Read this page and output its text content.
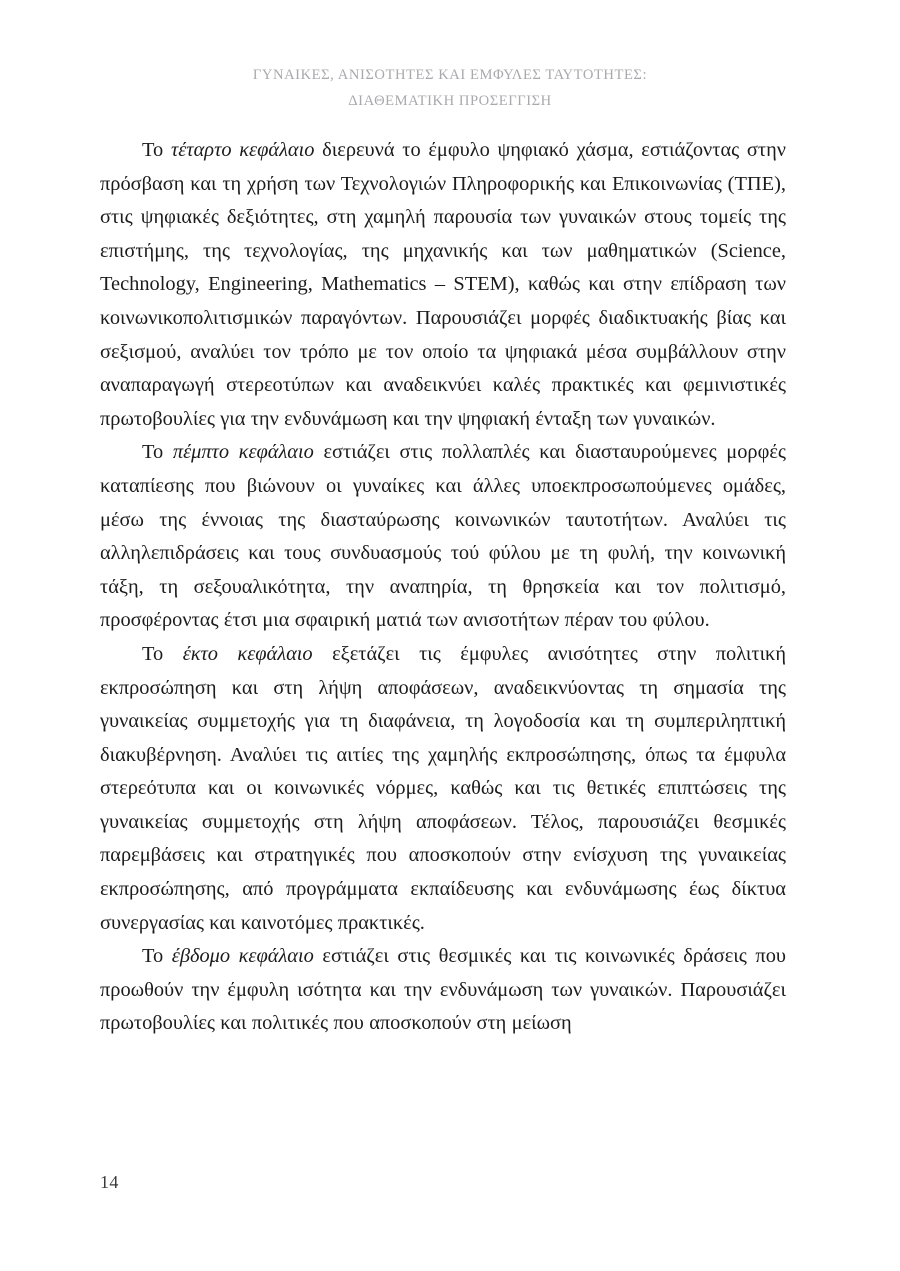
ΓΥΝΑΙΚΕΣ, ΑΝΙΣΟΤΗΤΕΣ ΚΑΙ ΕΜΦΥΛΕΣ ΤΑΥΤΟΤΗΤΕΣ:
ΔΙΑΘΕΜΑΤΙΚΗ ΠΡΟΣΕΓΓΙΣΗ

Το τέταρτο κεφάλαιο διερευνά το έμφυλο ψηφιακό χάσμα, εστιάζοντας στην πρόσβαση και τη χρήση των Τεχνολογιών Πληροφορικής και Επικοινωνίας (ΤΠΕ), στις ψηφιακές δεξιότητες, στη χαμηλή παρουσία των γυναικών στους τομείς της επιστήμης, της τεχνολογίας, της μηχανικής και των μαθηματικών (Science, Technology, Engineering, Mathematics – STEM), καθώς και στην επίδραση των κοινωνικοπολιτισμικών παραγόντων. Παρουσιάζει μορφές διαδικτυακής βίας και σεξισμού, αναλύει τον τρόπο με τον οποίο τα ψηφιακά μέσα συμβάλλουν στην αναπαραγωγή στερεοτύπων και αναδεικνύει καλές πρακτικές και φεμινιστικές πρωτοβουλίες για την ενδυνάμωση και την ψηφιακή ένταξη των γυναικών.

Το πέμπτο κεφάλαιο εστιάζει στις πολλαπλές και διασταυρούμενες μορφές καταπίεσης που βιώνουν οι γυναίκες και άλλες υποεκπροσωπούμενες ομάδες, μέσω της έννοιας της διασταύρωσης κοινωνικών ταυτοτήτων. Αναλύει τις αλληλεπιδράσεις και τους συνδυασμούς τού φύλου με τη φυλή, την κοινωνική τάξη, τη σεξουαλικότητα, την αναπηρία, τη θρησκεία και τον πολιτισμό, προσφέροντας έτσι μια σφαιρική ματιά των ανισοτήτων πέραν του φύλου.

Το έκτο κεφάλαιο εξετάζει τις έμφυλες ανισότητες στην πολιτική εκπροσώπηση και στη λήψη αποφάσεων, αναδεικνύοντας τη σημασία της γυναικείας συμμετοχής για τη διαφάνεια, τη λογοδοσία και τη συμπεριληπτική διακυβέρνηση. Αναλύει τις αιτίες της χαμηλής εκπροσώπησης, όπως τα έμφυλα στερεότυπα και οι κοινωνικές νόρμες, καθώς και τις θετικές επιπτώσεις της γυναικείας συμμετοχής στη λήψη αποφάσεων. Τέλος, παρουσιάζει θεσμικές παρεμβάσεις και στρατηγικές που αποσκοπούν στην ενίσχυση της γυναικείας εκπροσώπησης, από προγράμματα εκπαίδευσης και ενδυνάμωσης έως δίκτυα συνεργασίας και καινοτόμες πρακτικές.

Το έβδομο κεφάλαιο εστιάζει στις θεσμικές και τις κοινωνικές δράσεις που προωθούν την έμφυλη ισότητα και την ενδυνάμωση των γυναικών. Παρουσιάζει πρωτοβουλίες και πολιτικές που αποσκοπούν στη μείωση

14
